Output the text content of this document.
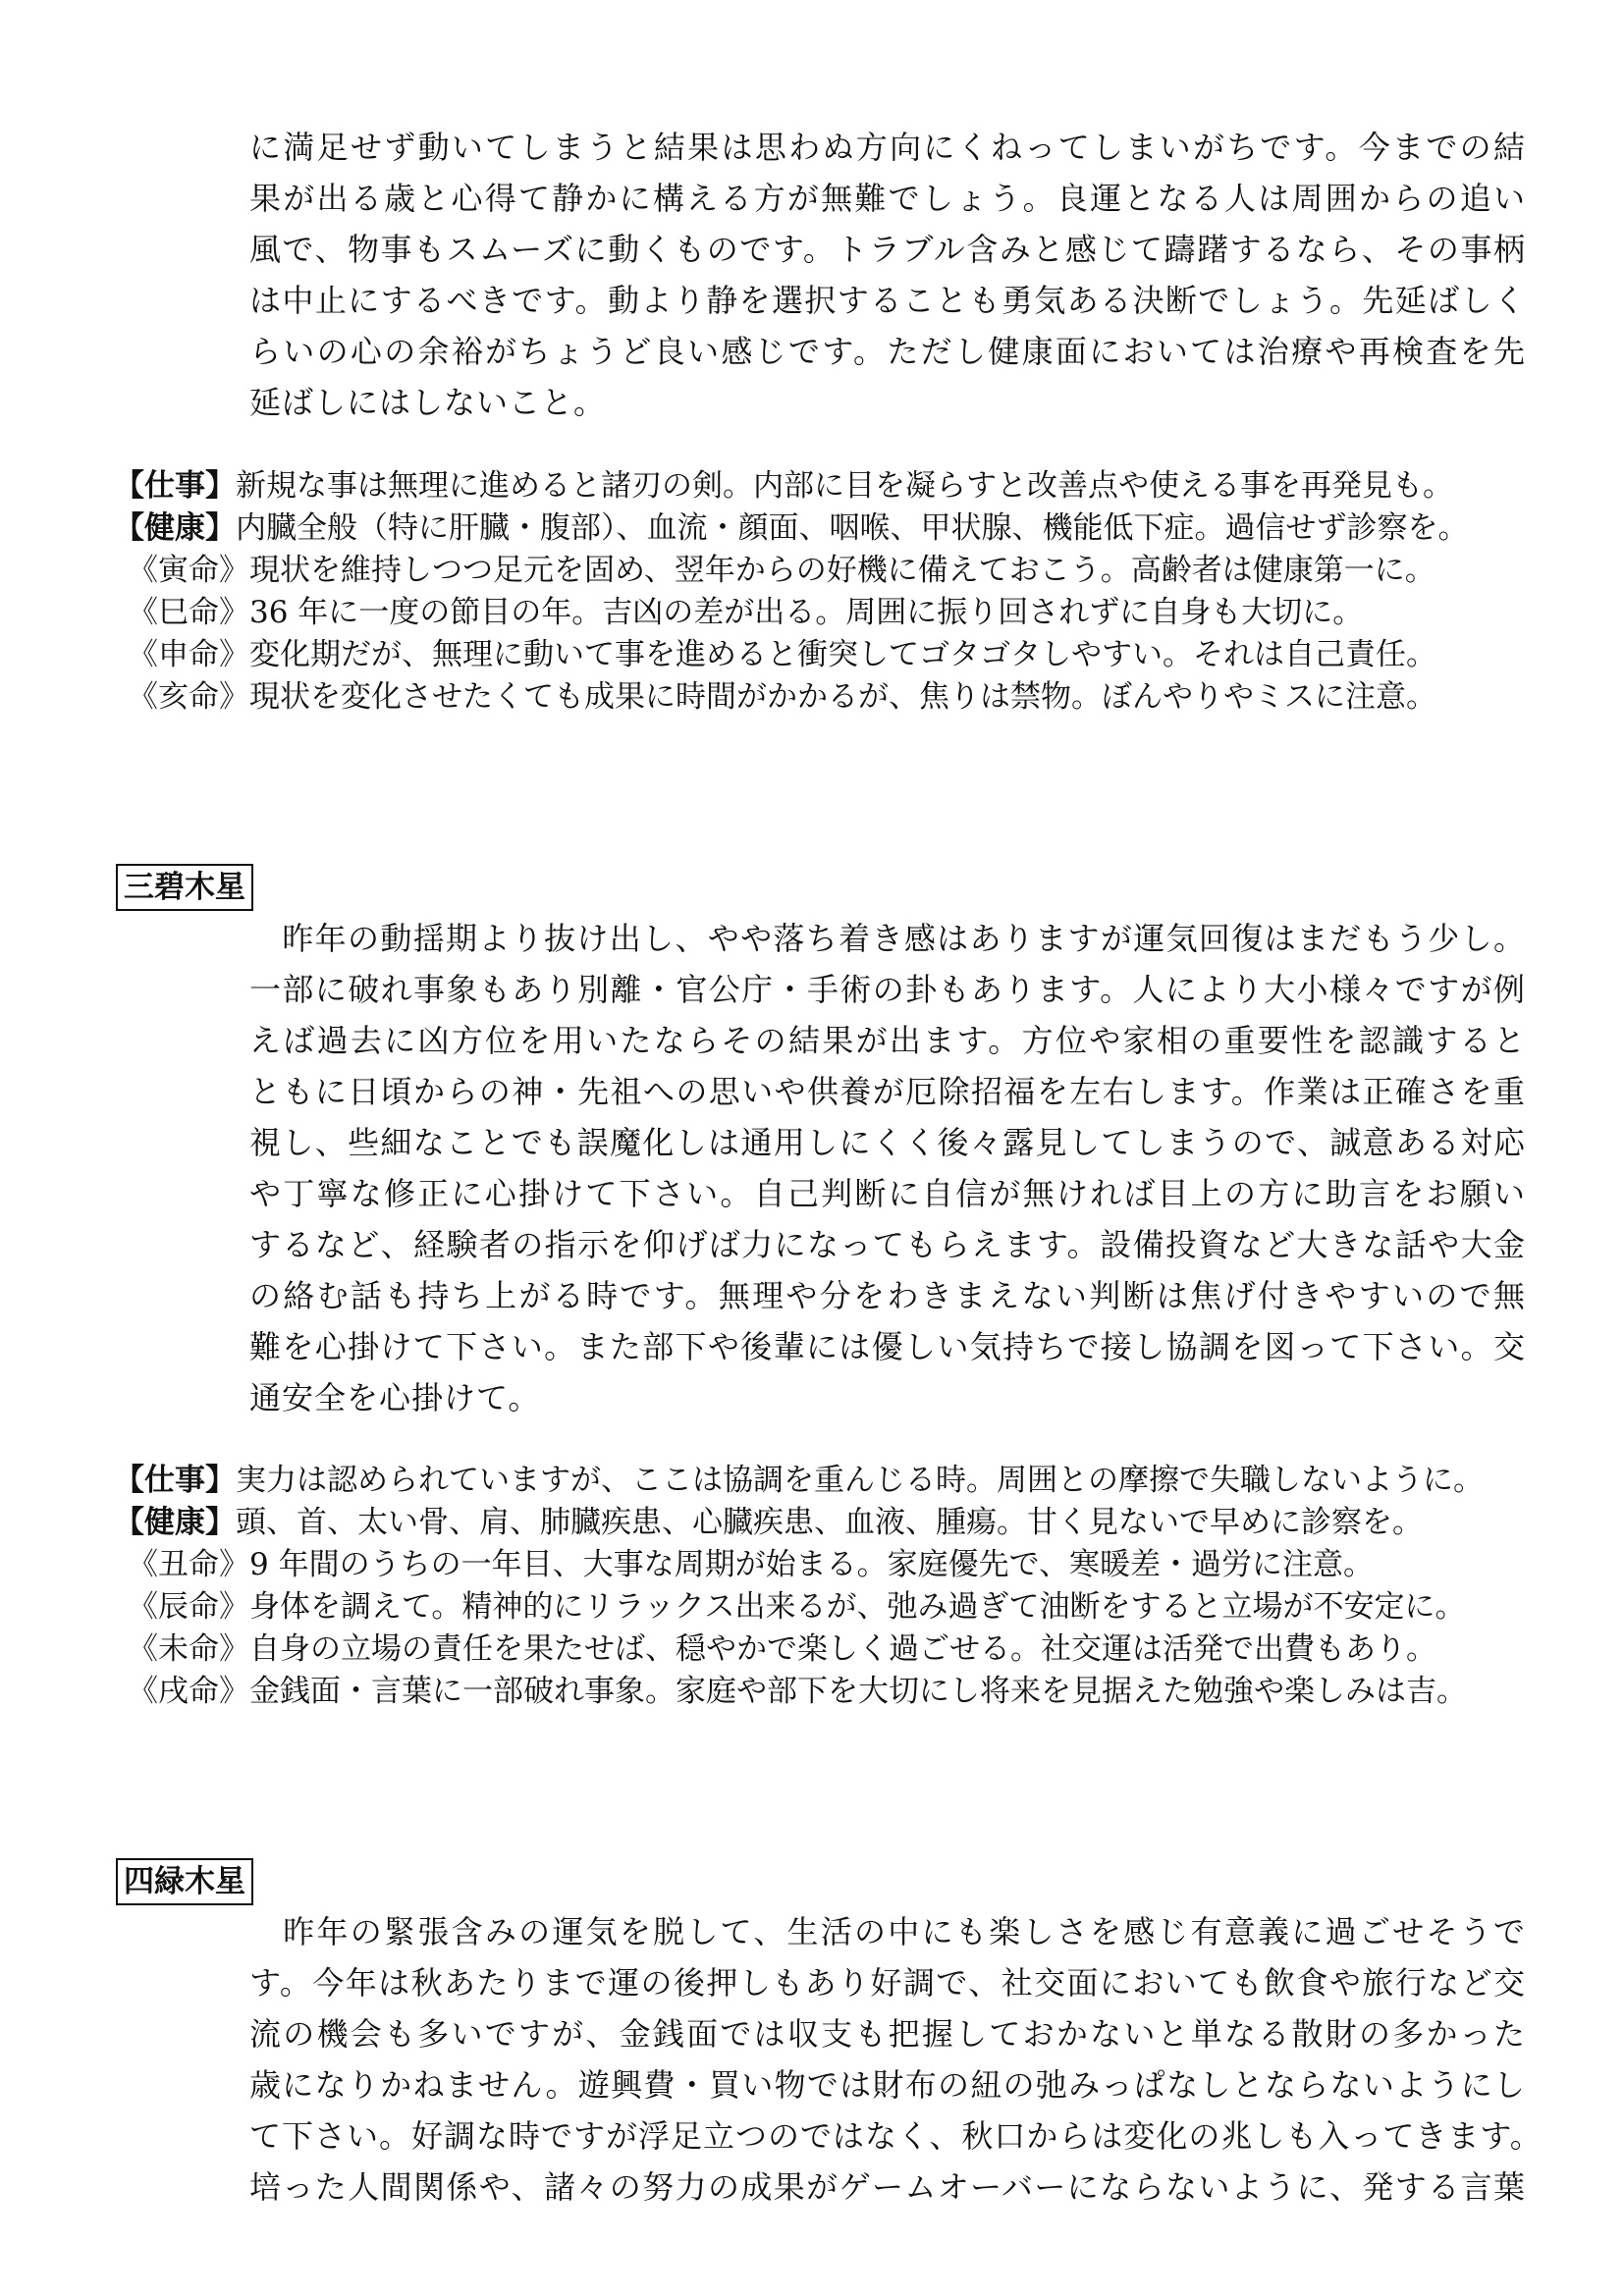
に満足せず動いてしまうと結果は思わぬ方向にくねってしまいがちです。今までの結
果が出る歳と心得て静かに構える方が無難でしょう。良運となる人は周囲からの追い
風で、物事もスムーズに動くものです。トラブル含みと感じて躊躇するなら、その事柄
は中止にするべきです。動より静を選択することも勇気ある決断でしょう。先延ばしく
らいの心の余裕がちょうど良い感じです。ただし健康面においては治療や再検査を先
延ばしにはしないこと。
【仕事】新規な事は無理に進めると諸刃の剣。内部に目を凝らすと改善点や使える事を再発見も。
【健康】内臓全般（特に肝臓・腹部）、血流・顔面、咽喉、甲状腺、機能低下症。過信せず診察を。
《寅命》現状を維持しつつ足元を固め、翌年からの好機に備えておこう。高齢者は健康第一に。
《巳命》36 年に一度の節目の年。吉凶の差が出る。周囲に振り回されずに自身も大切に。
《申命》変化期だが、無理に動いて事を進めると衝突してゴタゴタしやすい。それは自己責任。
《亥命》現状を変化させたくても成果に時間がかかるが、焦りは禁物。ぼんやりやミスに注意。
三碧木星
　昨年の動揺期より抜け出し、やや落ち着き感はありますが運気回復はまだもう少し。
一部に破れ事象もあり別離・官公庁・手術の卦もあります。人により大小様々ですが例
えば過去に凶方位を用いたならその結果が出ます。方位や家相の重要性を認識すると
ともに日頃からの神・先祖への思いや供養が厄除招福を左右します。作業は正確さを重
視し、些細なことでも誤魔化しは通用しにくく後々露見してしまうので、誠意ある対応
や丁寧な修正に心掛けて下さい。自己判断に自信が無ければ目上の方に助言をお願い
するなど、経験者の指示を仰げば力になってもらえます。設備投資など大きな話や大金
の絡む話も持ち上がる時です。無理や分をわきまえない判断は焦げ付きやすいので無
難を心掛けて下さい。また部下や後輩には優しい気持ちで接し協調を図って下さい。交
通安全を心掛けて。
【仕事】実力は認められていますが、ここは協調を重んじる時。周囲との摩擦で失職しないように。
【健康】頭、首、太い骨、肩、肺臓疾患、心臓疾患、血液、腫瘍。甘く見ないで早めに診察を。
《丑命》9 年間のうちの一年目、大事な周期が始まる。家庭優先で、寒暖差・過労に注意。
《辰命》身体を調えて。精神的にリラックス出来るが、弛み過ぎて油断をすると立場が不安定に。
《未命》自身の立場の責任を果たせば、穏やかで楽しく過ごせる。社交運は活発で出費もあり。
《戌命》金銭面・言葉に一部破れ事象。家庭や部下を大切にし将来を見据えた勉強や楽しみは吉。
四緑木星
　昨年の緊張含みの運気を脱して、生活の中にも楽しさを感じ有意義に過ごせそうで
す。今年は秋あたりまで運の後押しもあり好調で、社交面においても飲食や旅行など交
流の機会も多いですが、金銭面では収支も把握しておかないと単なる散財の多かった
歳になりかねません。遊興費・買い物では財布の紐の弛みっぱなしとならないようにし
て下さい。好調な時ですが浮足立つのではなく、秋口からは変化の兆しも入ってきます。
培った人間関係や、諸々の努力の成果がゲームオーバーにならないように、発する言葉
